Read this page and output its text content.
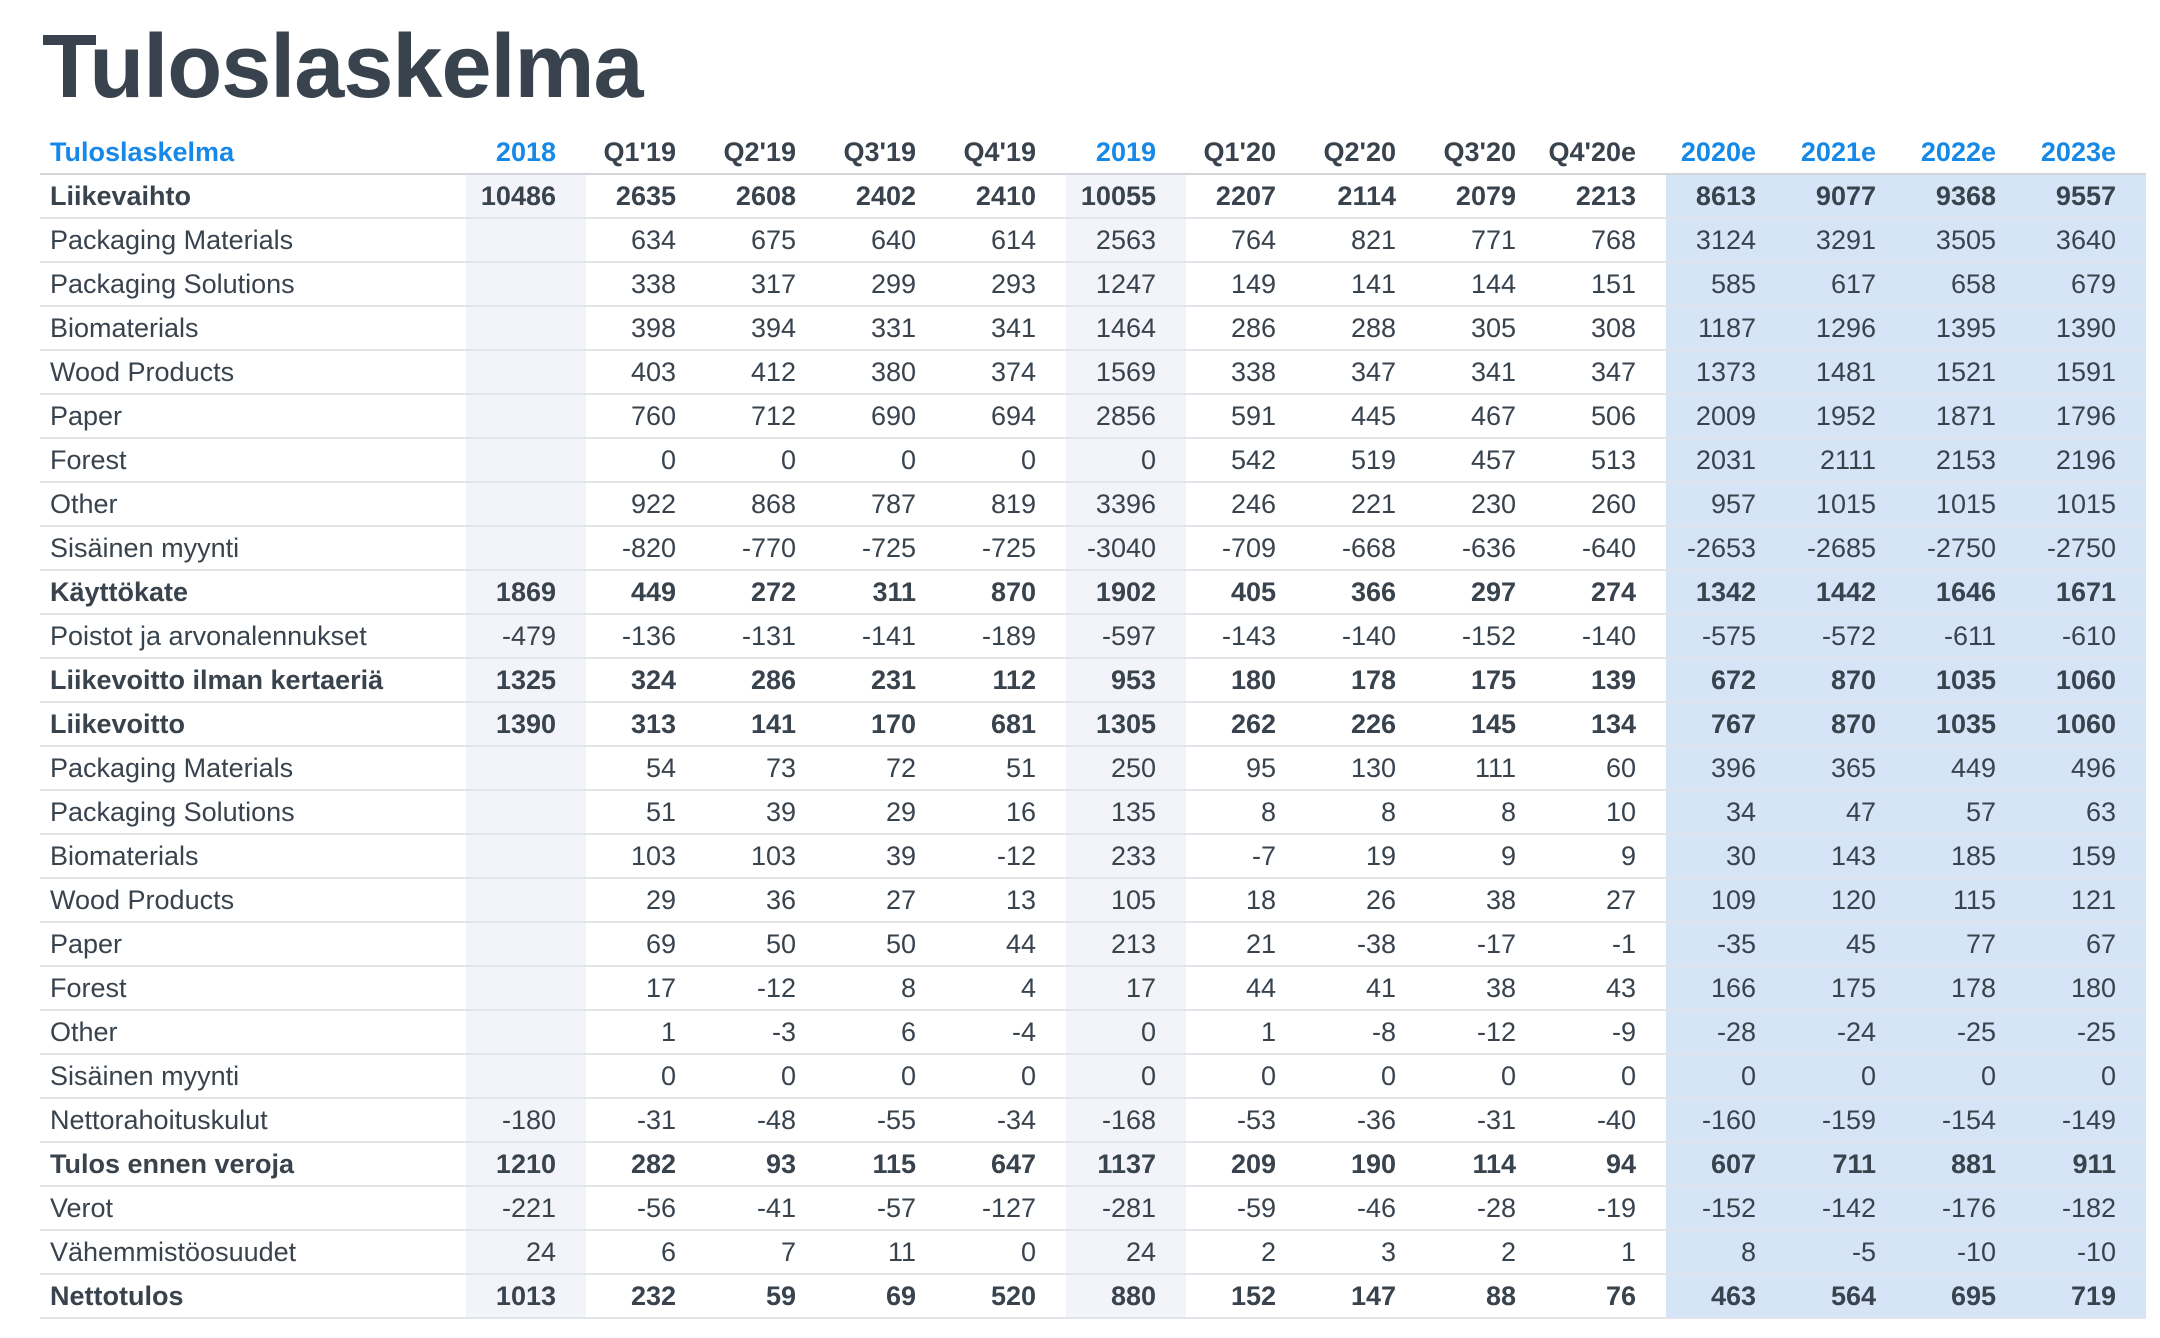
Tuloslaskelma
Tuloslaskelma	2018	Q1'19	Q2'19	Q3'19	Q4'19	2019	Q1'20	Q2'20	Q3'20	Q4'20e	2020e	2021e	2022e	2023e
Liikevaihto	10486	2635	2608	2402	2410	10055	2207	2114	2079	2213	8613	9077	9368	9557
Packaging Materials		634	675	640	614	2563	764	821	771	768	3124	3291	3505	3640
Packaging Solutions		338	317	299	293	1247	149	141	144	151	585	617	658	679
Biomaterials		398	394	331	341	1464	286	288	305	308	1187	1296	1395	1390
Wood Products		403	412	380	374	1569	338	347	341	347	1373	1481	1521	1591
Paper		760	712	690	694	2856	591	445	467	506	2009	1952	1871	1796
Forest		0	0	0	0	0	542	519	457	513	2031	2111	2153	2196
Other		922	868	787	819	3396	246	221	230	260	957	1015	1015	1015
Sisäinen myynti		-820	-770	-725	-725	-3040	-709	-668	-636	-640	-2653	-2685	-2750	-2750
Käyttökate	1869	449	272	311	870	1902	405	366	297	274	1342	1442	1646	1671
Poistot ja arvonalennukset	-479	-136	-131	-141	-189	-597	-143	-140	-152	-140	-575	-572	-611	-610
Liikevoitto ilman kertaeriä	1325	324	286	231	112	953	180	178	175	139	672	870	1035	1060
Liikevoitto	1390	313	141	170	681	1305	262	226	145	134	767	870	1035	1060
Packaging Materials		54	73	72	51	250	95	130	111	60	396	365	449	496
Packaging Solutions		51	39	29	16	135	8	8	8	10	34	47	57	63
Biomaterials		103	103	39	-12	233	-7	19	9	9	30	143	185	159
Wood Products		29	36	27	13	105	18	26	38	27	109	120	115	121
Paper		69	50	50	44	213	21	-38	-17	-1	-35	45	77	67
Forest		17	-12	8	4	17	44	41	38	43	166	175	178	180
Other		1	-3	6	-4	0	1	-8	-12	-9	-28	-24	-25	-25
Sisäinen myynti		0	0	0	0	0	0	0	0	0	0	0	0	0
Nettorahoituskulut	-180	-31	-48	-55	-34	-168	-53	-36	-31	-40	-160	-159	-154	-149
Tulos ennen veroja	1210	282	93	115	647	1137	209	190	114	94	607	711	881	911
Verot	-221	-56	-41	-57	-127	-281	-59	-46	-28	-19	-152	-142	-176	-182
Vähemmistöosuudet	24	6	7	11	0	24	2	3	2	1	8	-5	-10	-10
Nettotulos	1013	232	59	69	520	880	152	147	88	76	463	564	695	719
